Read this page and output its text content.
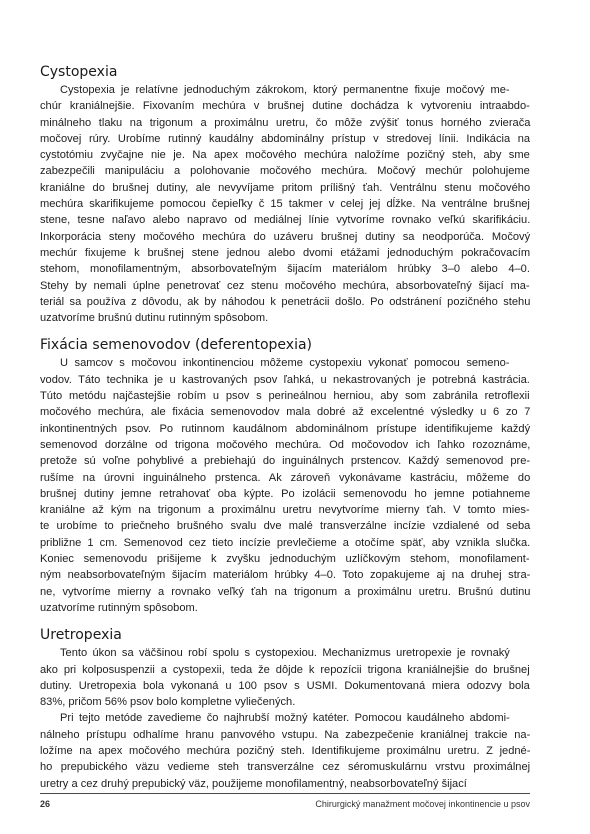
Cystopexia

Cystopexia je relatívne jednoduchým zákrokom, ktorý permanentne fixuje močový me-
chúr kraniálnejšie. Fixovaním mechúra v brušnej dutine dochádza k vytvoreniu intraabdo-
minálneho tlaku na trigonum a proximálnu uretru, čo môže zvýšiť tonus horného zvierača
močovej rúry. Urobíme rutinný kaudálny abdominálny prístup v stredovej línii. Indikácia na
cystotómiu zvyčajne nie je. Na apex močového mechúra naložíme pozičný steh, aby sme
zabezpečili manipuláciu a polohovanie močového mechúra. Močový mechúr polohujeme
kraniálne do brušnej dutiny, ale nevyvíjame pritom prílišný ťah. Ventrálnu stenu močového
mechúra skarifikujeme pomocou čepieľky č 15 takmer v celej jej dĺžke. Na ventrálne brušnej
stene, tesne naľavo alebo napravo od mediálnej línie vytvoríme rovnako veľkú skarifikáciu.
Inkorporácia steny močového mechúra do uzáveru brušnej dutiny sa neodporúča. Močový
mechúr fixujeme k brušnej stene jednou alebo dvomi etážami jednoduchým pokračovacím
stehom, monofilamentným, absorbovateľným šijacím materiálom hrúbky 3–0 alebo 4–0.
Stehy by nemali úplne penetrovať cez stenu močového mechúra, absorbovateľný šijací ma-
teriál sa používa z dôvodu, ak by náhodou k penetrácii došlo. Po odstránení pozičného stehu
uzatvoríme brušnú dutinu rutinným spôsobom.

Fixácia semenovodov (deferentopexia)

U samcov s močovou inkontinenciou môžeme cystopexiu vykonať pomocou semeno-
vodov. Táto technika je u kastrovaných psov ľahká, u nekastrovaných je potrebná kastrácia.
Túto metódu najčastejšie robím u psov s perineálnou herniou, aby som zabránila retroflexii
močového mechúra, ale fixácia semenovodov mala dobré až excelentné výsledky u 6 zo 7
inkontinentných psov. Po rutinnom kaudálnom abdominálnom prístupe identifikujeme každý
semenovod dorzálne od trigona močového mechúra. Od močovodov ich ľahko rozoznáme,
pretože sú voľne pohyblivé a prebiehajú do inguinálnych prstencov. Každý semenovod pre-
rušíme na úrovni inguinálneho prstenca. Ak zároveň vykonávame kastráciu, môžeme do
brušnej dutiny jemne retrahovať oba kýpte. Po izolácii semenovodu ho jemne potiahneme
kraniálne až kým na trigonum a proximálnu uretru nevytvoríme mierny ťah. V tomto mies-
te urobíme to priečneho brušného svalu dve malé transverzálne incízie vzdialené od seba
približne 1 cm. Semenovod cez tieto incízie prevlečieme a otočíme späť, aby vznikla slučka.
Koniec semenovodu prišijeme k zvyšku jednoduchým uzlíčkovým stehom, monofilament-
ným neabsorbovateľným šijacím materiálom hrúbky 4–0. Toto zopakujeme aj na druhej stra-
ne, vytvoríme mierny a rovnako veľký ťah na trigonum a proximálnu uretru. Brušnú dutinu
uzatvoríme rutinným spôsobom.

Uretropexia

Tento úkon sa väčšinou robí spolu s cystopexiou. Mechanizmus uretropexie je rovnaký
ako pri kolposuspenzii a cystopexii, teda že dôjde k repozícii trigona kraniálnejšie do brušnej
dutiny. Uretropexia bola vykonaná u 100 psov s USMI. Dokumentovaná miera odozvy bola
83%, pričom 56% psov bolo kompletne vyliečených.

Pri tejto metóde zavedieme čo najhrubší možný katéter. Pomocou kaudálneho abdomi-
nálneho prístupu odhalíme hranu panvového vstupu. Na zabezpečenie kraniálnej trakcie na-
ložíme na apex močového mechúra pozičný steh. Identifikujeme proximálnu uretru. Z jedné-
ho prepubického väzu vedieme steh transverzálne cez séromuskulárnu vrstvu proximálnej
uretry a cez druhý prepubický väz, použijeme monofilamentný, neabsorbovateľný šijací

26	Chirurgický manažment močovej inkontinencie u psov
